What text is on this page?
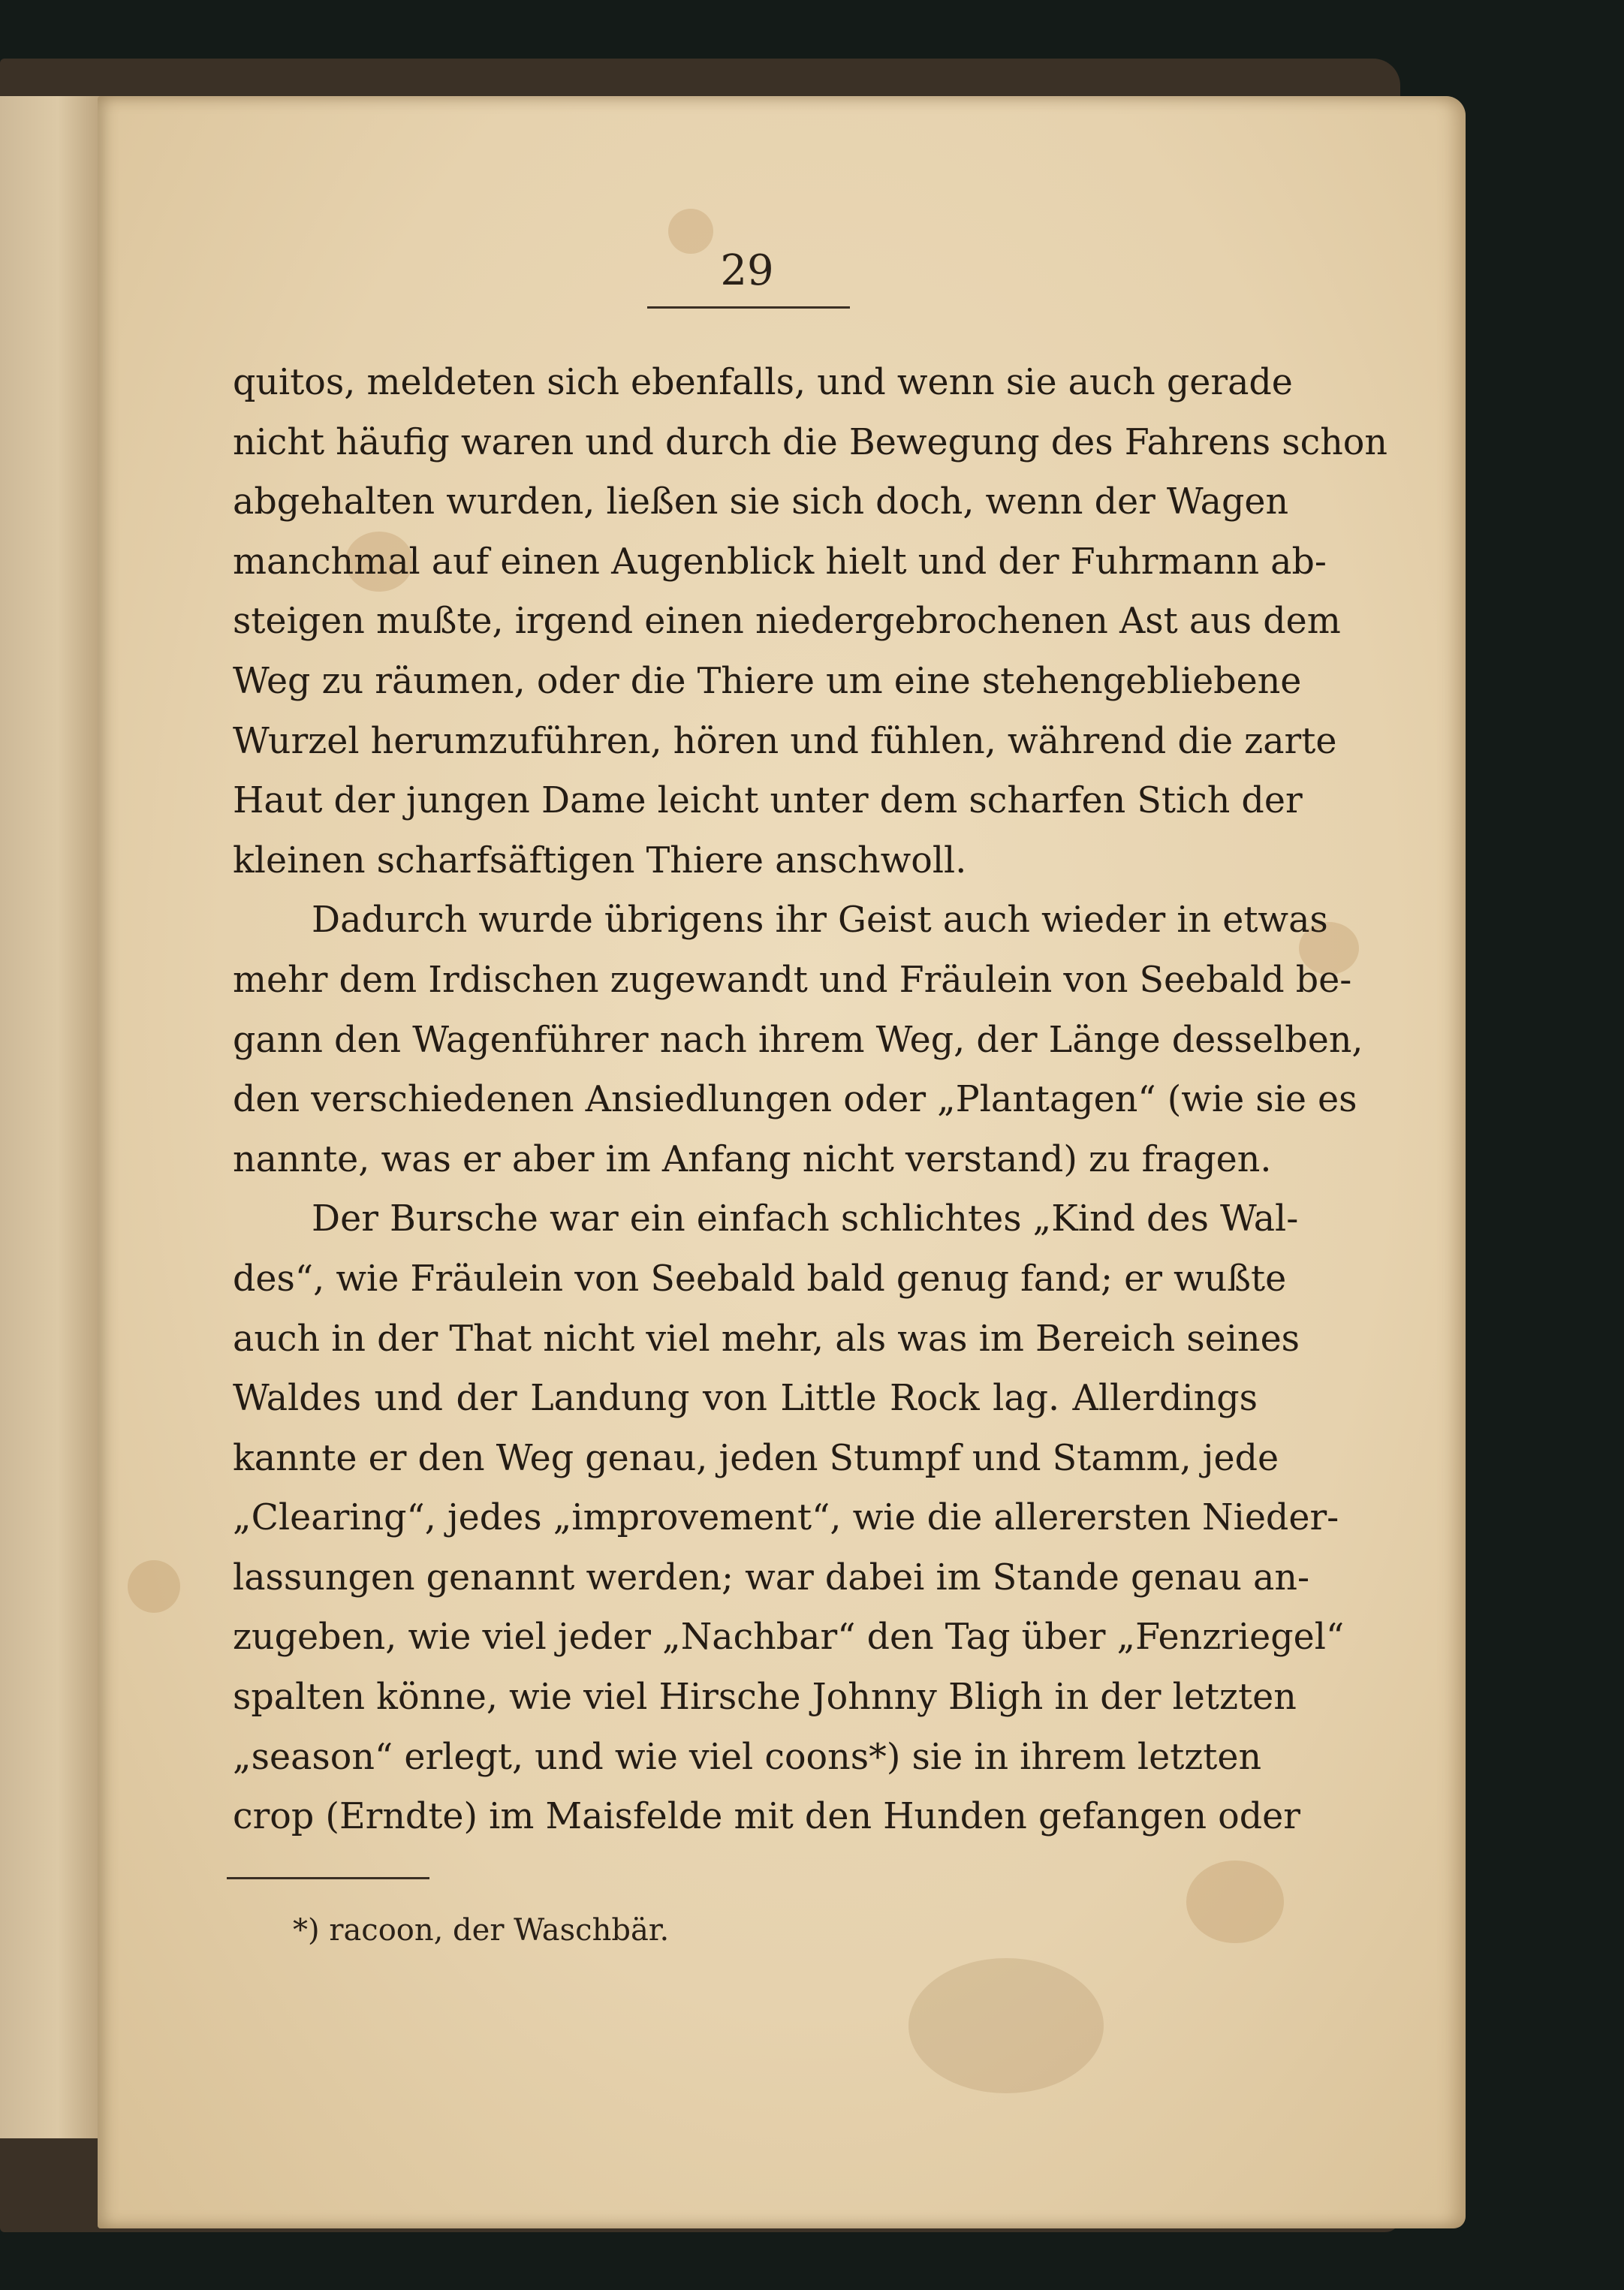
29
quitos, meldeten sich ebenfalls, und wenn sie auch gerade
nicht häufig waren und durch die Bewegung des Fahrens schon
abgehalten wurden, ließen sie sich doch, wenn der Wagen
manchmal auf einen Augenblick hielt und der Fuhrmann ab-
steigen mußte, irgend einen niedergebrochenen Ast aus dem
Weg zu räumen, oder die Thiere um eine stehengebliebene
Wurzel herumzuführen, hören und fühlen, während die zarte
Haut der jungen Dame leicht unter dem scharfen Stich der
kleinen scharfsäftigen Thiere anschwoll.
Dadurch wurde übrigens ihr Geist auch wieder in etwas
mehr dem Irdischen zugewandt und Fräulein von Seebald be-
gann den Wagenführer nach ihrem Weg, der Länge desselben,
den verschiedenen Ansiedlungen oder „Plantagen“ (wie sie es
nannte, was er aber im Anfang nicht verstand) zu fragen.
Der Bursche war ein einfach schlichtes „Kind des Wal-
des“, wie Fräulein von Seebald bald genug fand; er wußte
auch in der That nicht viel mehr, als was im Bereich seines
Waldes und der Landung von Little Rock lag. Allerdings
kannte er den Weg genau, jeden Stumpf und Stamm, jede
„Clearing“, jedes „improvement“, wie die allerersten Nieder-
lassungen genannt werden; war dabei im Stande genau an-
zugeben, wie viel jeder „Nachbar“ den Tag über „Fenzriegel“
spalten könne, wie viel Hirsche Johnny Bligh in der letzten
„season“ erlegt, und wie viel coons*) sie in ihrem letzten
crop (Erndte) im Maisfelde mit den Hunden gefangen oder
*) racoon, der Waschbär.
